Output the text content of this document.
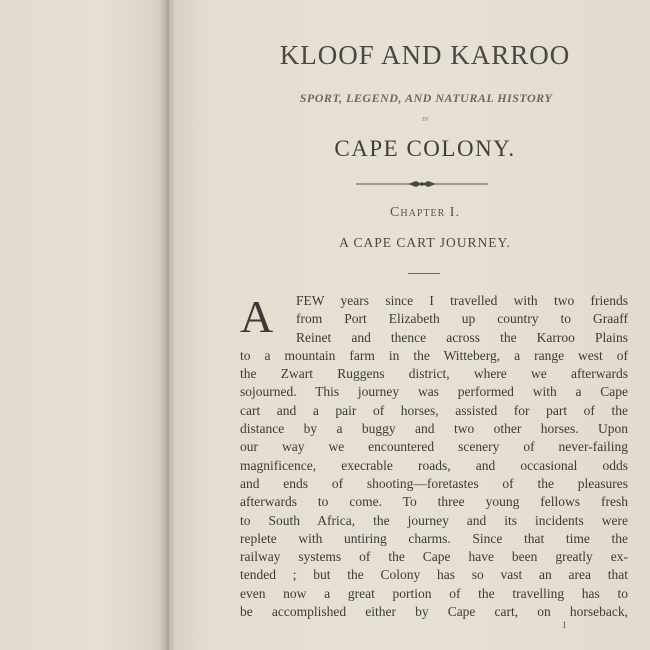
KLOOF AND KARROO
SPORT, LEGEND, AND NATURAL HISTORY
IN
CAPE COLONY.
Chapter I.
A CAPE CART JOURNEY.
A	FEW years since I travelled with two friends
from Port Elizabeth up country to Graaff
Reinet and thence across the Karroo Plains
to a mountain farm in the Witteberg, a range west of
the Zwart Ruggens district, where we afterwards
sojourned. This journey was performed with a Cape
cart and a pair of horses, assisted for part of the
distance by a buggy and two other horses. Upon
our way we encountered scenery of never-failing
magnificence, execrable roads, and occasional odds
and ends of shooting—foretastes of the pleasures
afterwards to come. To three young fellows fresh
to South Africa, the journey and its incidents were
replete with untiring charms. Since that time the
railway systems of the Cape have been greatly ex-
tended ; but the Colony has so vast an area that
even now a great portion of the travelling has to
be accomplished either by Cape cart, on horseback,
1
